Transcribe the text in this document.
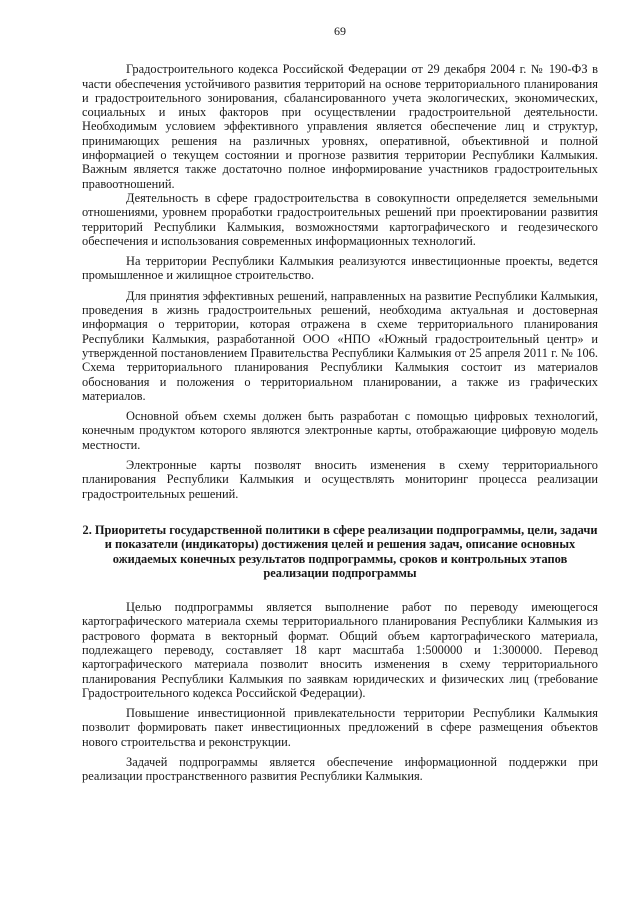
69

Градостроительного кодекса Российской Федерации от 29 декабря 2004 г. № 190-ФЗ в части обеспечения устойчивого развития территорий на основе территориального планирования и градостроительного зонирования, сбалансированного учета экологических, экономических, социальных и иных факторов при осуществлении градостроительной деятельности. Необходимым условием эффективного управления является обеспечение лиц и структур, принимающих решения на различных уровнях, оперативной, объективной и полной информацией о текущем состоянии и прогнозе развития территории Республики Калмыкия. Важным является также достаточно полное информирование участников градостроительных правоотношений.

Деятельность в сфере градостроительства в совокупности определяется земельными отношениями, уровнем проработки градостроительных решений при проектировании развития территорий Республики Калмыкия, возможностями картографического и геодезического обеспечения и использования современных информационных технологий.

На территории Республики Калмыкия реализуются инвестиционные проекты, ведется промышленное и жилищное строительство.

Для принятия эффективных решений, направленных на развитие Республики Калмыкия, проведения в жизнь градостроительных решений, необходима актуальная и достоверная информация о территории, которая отражена в схеме территориального планирования Республики Калмыкия, разработанной ООО «НПО «Южный градостроительный центр» и утвержденной постановлением Правительства Республики Калмыкия от 25 апреля 2011 г. № 106. Схема территориального планирования Республики Калмыкия состоит из материалов обоснования и положения о территориальном планировании, а также из графических материалов.

Основной объем схемы должен быть разработан с помощью цифровых технологий, конечным продуктом которого являются электронные карты, отображающие цифровую модель местности.

Электронные карты позволят вносить изменения в схему территориального планирования Республики Калмыкия и осуществлять мониторинг процесса реализации градостроительных решений.

2. Приоритеты государственной политики в сфере реализации подпрограммы, цели, задачи и показатели (индикаторы) достижения целей и решения задач, описание основных ожидаемых конечных результатов подпрограммы, сроков и контрольных этапов реализации подпрограммы

Целью подпрограммы является выполнение работ по переводу имеющегося картографического материала схемы территориального планирования Республики Калмыкия из растрового формата в векторный формат. Общий объем картографического материала, подлежащего переводу, составляет 18 карт масштаба 1:500000 и 1:300000. Перевод картографического материала позволит вносить изменения в схему территориального планирования Республики Калмыкия по заявкам юридических и физических лиц (требование Градостроительного кодекса Российской Федерации).

Повышение инвестиционной привлекательности территории Республики Калмыкия позволит формировать пакет инвестиционных предложений в сфере размещения объектов нового строительства и реконструкции.

Задачей подпрограммы является обеспечение информационной поддержки при реализации пространственного развития Республики Калмыкия.
